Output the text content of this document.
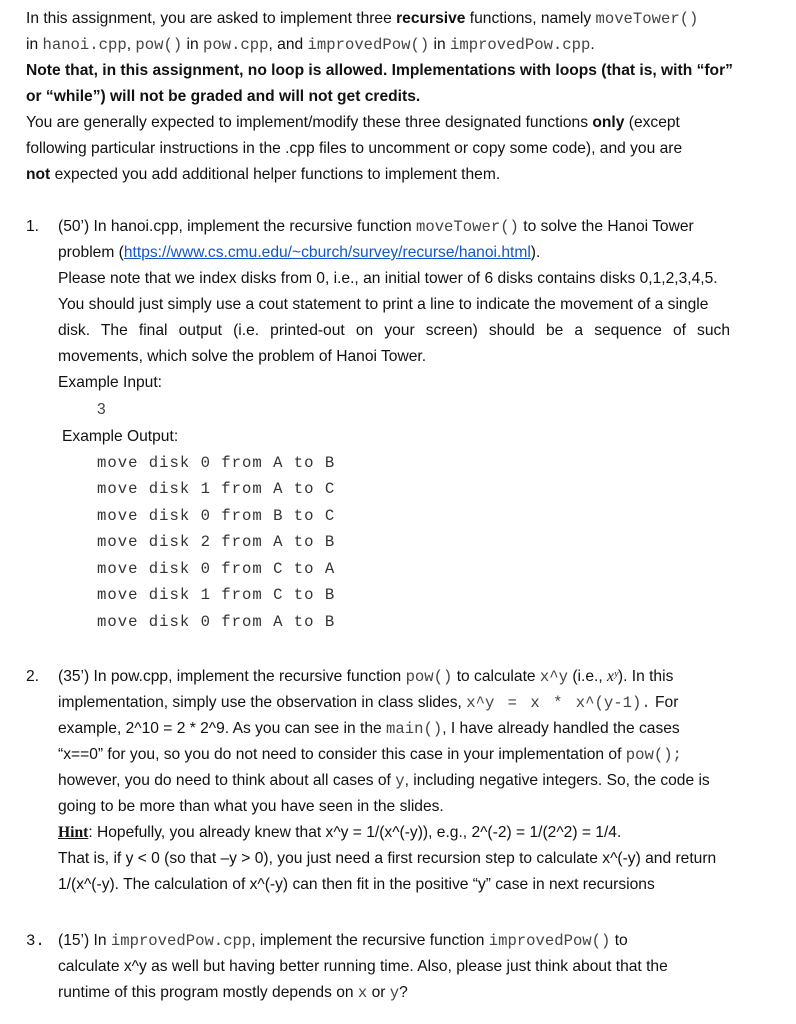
In this assignment, you are asked to implement three recursive functions, namely moveTower()
in hanoi.cpp, pow() in pow.cpp, and improvedPow() in improvedPow.cpp.
Note that, in this assignment, no loop is allowed. Implementations with loops (that is, with “for”
or “while”) will not be graded and will not get credits.
You are generally expected to implement/modify these three designated functions only (except
following particular instructions in the .cpp files to uncomment or copy some code), and you are
not expected you add additional helper functions to implement them.
1. (50’) In hanoi.cpp, implement the recursive function moveTower() to solve the Hanoi Tower
problem (https://www.cs.cmu.edu/~cburch/survey/recurse/hanoi.html).
Please note that we index disks from 0, i.e., an initial tower of 6 disks contains disks 0,1,2,3,4,5.
You should just simply use a cout statement to print a line to indicate the movement of a single
disk. The final output (i.e. printed-out on your screen) should be a sequence of such
movements, which solve the problem of Hanoi Tower.
Example Input:
3
Example Output:
move disk 0 from A to B
move disk 1 from A to C
move disk 0 from B to C
move disk 2 from A to B
move disk 0 from C to A
move disk 1 from C to B
move disk 0 from A to B
2. (35’) In pow.cpp, implement the recursive function pow() to calculate x^y (i.e., xʸ). In this
implementation, simply use the observation in class slides, x^y = x * x^(y-1). For
example, 2^10 = 2 * 2^9. As you can see in the main(), I have already handled the cases
“x==0” for you, so you do not need to consider this case in your implementation of pow();
however, you do need to think about all cases of y, including negative integers. So, the code is
going to be more than what you have seen in the slides.
Hint: Hopefully, you already knew that x^y = 1/(x^(-y)), e.g., 2^(-2) = 1/(2^2) = 1/4.
That is, if y < 0 (so that –y > 0), you just need a first recursion step to calculate x^(-y) and return
1/(x^(-y). The calculation of x^(-y) can then fit in the positive “y” case in next recursions
3. (15’) In improvedPow.cpp, implement the recursive function improvedPow() to
calculate x^y as well but having better running time. Also, please just think about that the
runtime of this program mostly depends on x or y?
